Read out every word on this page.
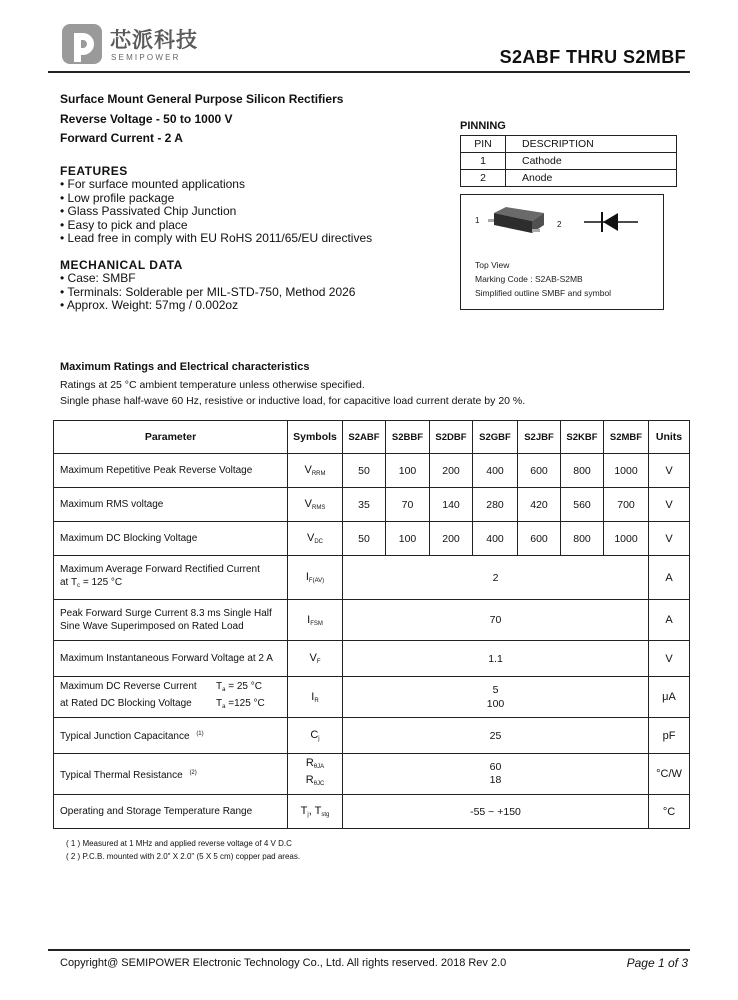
芯派科技
SEMIPOWER	S2ABF THRU S2MBF
Surface Mount General Purpose Silicon Rectifiers
Reverse Voltage - 50 to 1000 V
Forward Current - 2 A
FEATURES
• For surface mounted applications
• Low profile package
• Glass Passivated Chip Junction
• Easy to pick and place
• Lead free in comply with EU RoHS 2011/65/EU directives
MECHANICAL DATA
• Case: SMBF
• Terminals: Solderable per MIL-STD-750, Method 2026
• Approx. Weight: 57mg / 0.002oz
PINNING
PIN	DESCRIPTION
1	Cathode
2	Anode
1	2
Top View
Marking Code : S2AB-S2MB
Simplified outline SMBF and symbol
Maximum Ratings and Electrical characteristics
Ratings at 25 °C ambient temperature unless otherwise specified.
Single phase half-wave 60 Hz, resistive or inductive load, for capacitive load current derate by 20 %.
Parameter	Symbols	S2ABF	S2BBF	S2DBF	S2GBF	S2JBF	S2KBF	S2MBF	Units
Maximum Repetitive Peak Reverse Voltage	$V_{RRM}$	50	100	200	400	600	800	1000	V
Maximum RMS voltage	$V_{RMS}$	35	70	140	280	420	560	700	V
Maximum DC Blocking Voltage	$V_{DC}$	50	100	200	400	600	800	1000	V
Maximum Average Forward Rectified Current
at $T_c = 125$ °C	$I_{F(AV)}$	2							A
Peak Forward Surge Current 8.3 ms Single Half
Sine Wave Superimposed on Rated Load	$I_{FSM}$	70							A
Maximum Instantaneous Forward Voltage at 2 A	$V_F$	1.1							V
Maximum DC Reverse Current $T_a = 25$ °C
at Rated DC Blocking Voltage $T_a =125$ °C	$I_R$	5
100							μA
Typical Junction Capacitance $^{(1)}$	$C_j$	25							pF
Typical Thermal Resistance $^{(2)}$	$R_{\theta JA}$
$R_{\theta JC}$	60
18							°C/W
Operating and Storage Temperature Range	$T_j$, $T_{stg}$	-55 ~ +150							°C
( 1 ) Measured at 1 MHz and applied reverse voltage of 4 V D.C
( 2 ) P.C.B. mounted with 2.0" X 2.0" (5 X 5 cm) copper pad areas.
Copyright@ SEMIPOWER Electronic Technology Co., Ltd. All rights reserved. 2018 Rev 2.0	Page 1 of 3
